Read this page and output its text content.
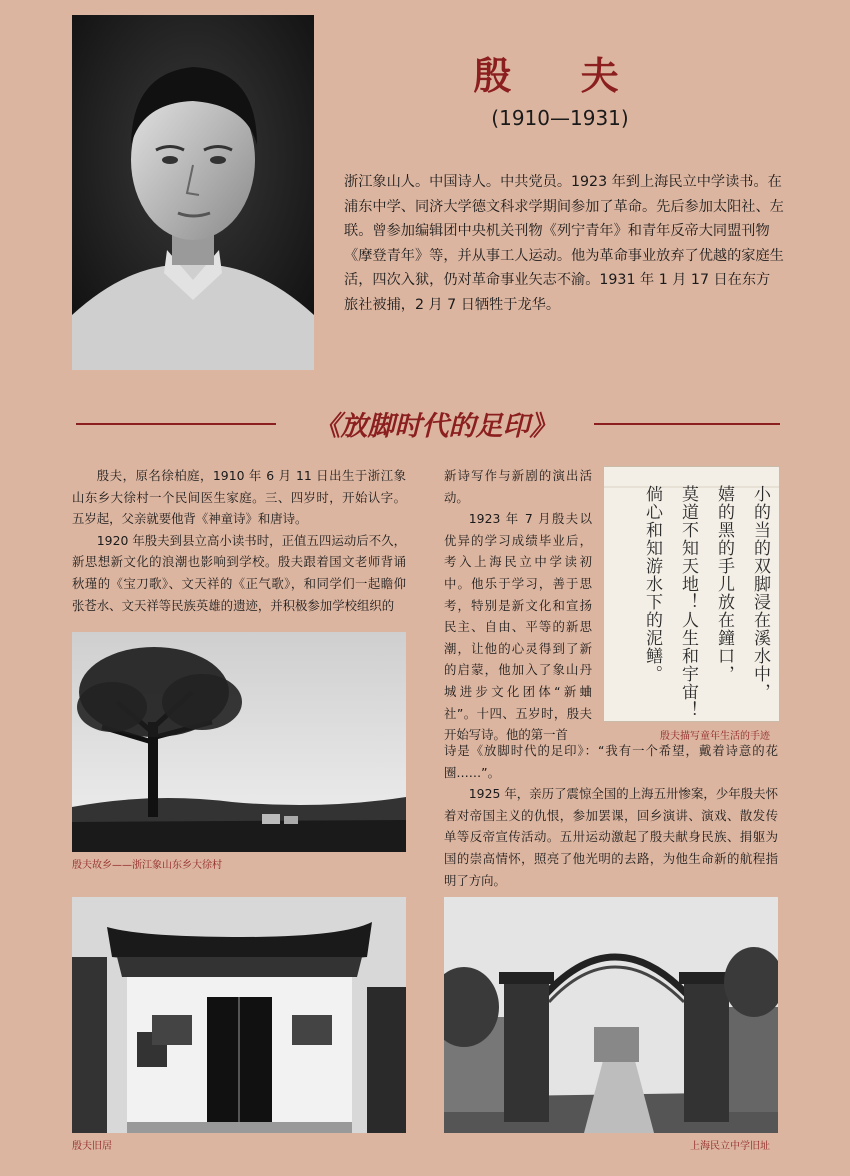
殷 夫
(1910—1931)
浙江象山人。中国诗人。中共党员。1923 年到上海民立中学读书。在浦东中学、同济大学德文科求学期间参加了革命。先后参加太阳社、左联。曾参加编辑团中央机关刊物《列宁青年》和青年反帝大同盟刊物《摩登青年》等，并从事工人运动。他为革命事业放弃了优越的家庭生活，四次入狱，仍对革命事业矢志不渝。1931 年 1 月 17 日在东方旅社被捕，2 月 7 日牺牲于龙华。
《放脚时代的足印》

殷夫，原名徐柏庭，1910 年 6 月 11 日出生于浙江象山东乡大徐村一个民间医生家庭。三、四岁时，开始认字。五岁起，父亲就要他背《神童诗》和唐诗。

1920 年殷夫到县立高小读书时，正值五四运动后不久，新思想新文化的浪潮也影响到学校。殷夫跟着国文老师背诵秋瑾的《宝刀歌》、文天祥的《正气歌》，和同学们一起瞻仰张苍水、文天祥等民族英雄的遗迹，并积极参加学校组织的

殷夫故乡——浙江象山东乡大徐村

新诗写作与新剧的演出活动。

1923 年 7 月殷夫以优异的学习成绩毕业后，考入上海民立中学读初中。他乐于学习，善于思考，特别是新文化和宣扬民主、自由、平等的新思潮，让他的心灵得到了新的启蒙，他加入了象山丹城进步文化团体“新蛐社”。十四、五岁时，殷夫开始写诗。他的第一首

小的当的双脚浸在溪水中，
嬉的黑的手儿放在鐘口，
莫道不知天地！人生和宇宙！
倘心和知游水下的泥鳝。
殷夫描写童年生活的手迹

诗是《放脚时代的足印》：“我有一个希望，戴着诗意的花圈……”。

1925 年，亲历了震惊全国的上海五卅惨案，少年殷夫怀着对帝国主义的仇恨，参加罢课，回乡演讲、演戏、散发传单等反帝宣传活动。五卅运动激起了殷夫献身民族、捐躯为国的崇高情怀，照亮了他光明的去路，为他生命新的航程指明了方向。

殷夫旧居	上海民立中学旧址
